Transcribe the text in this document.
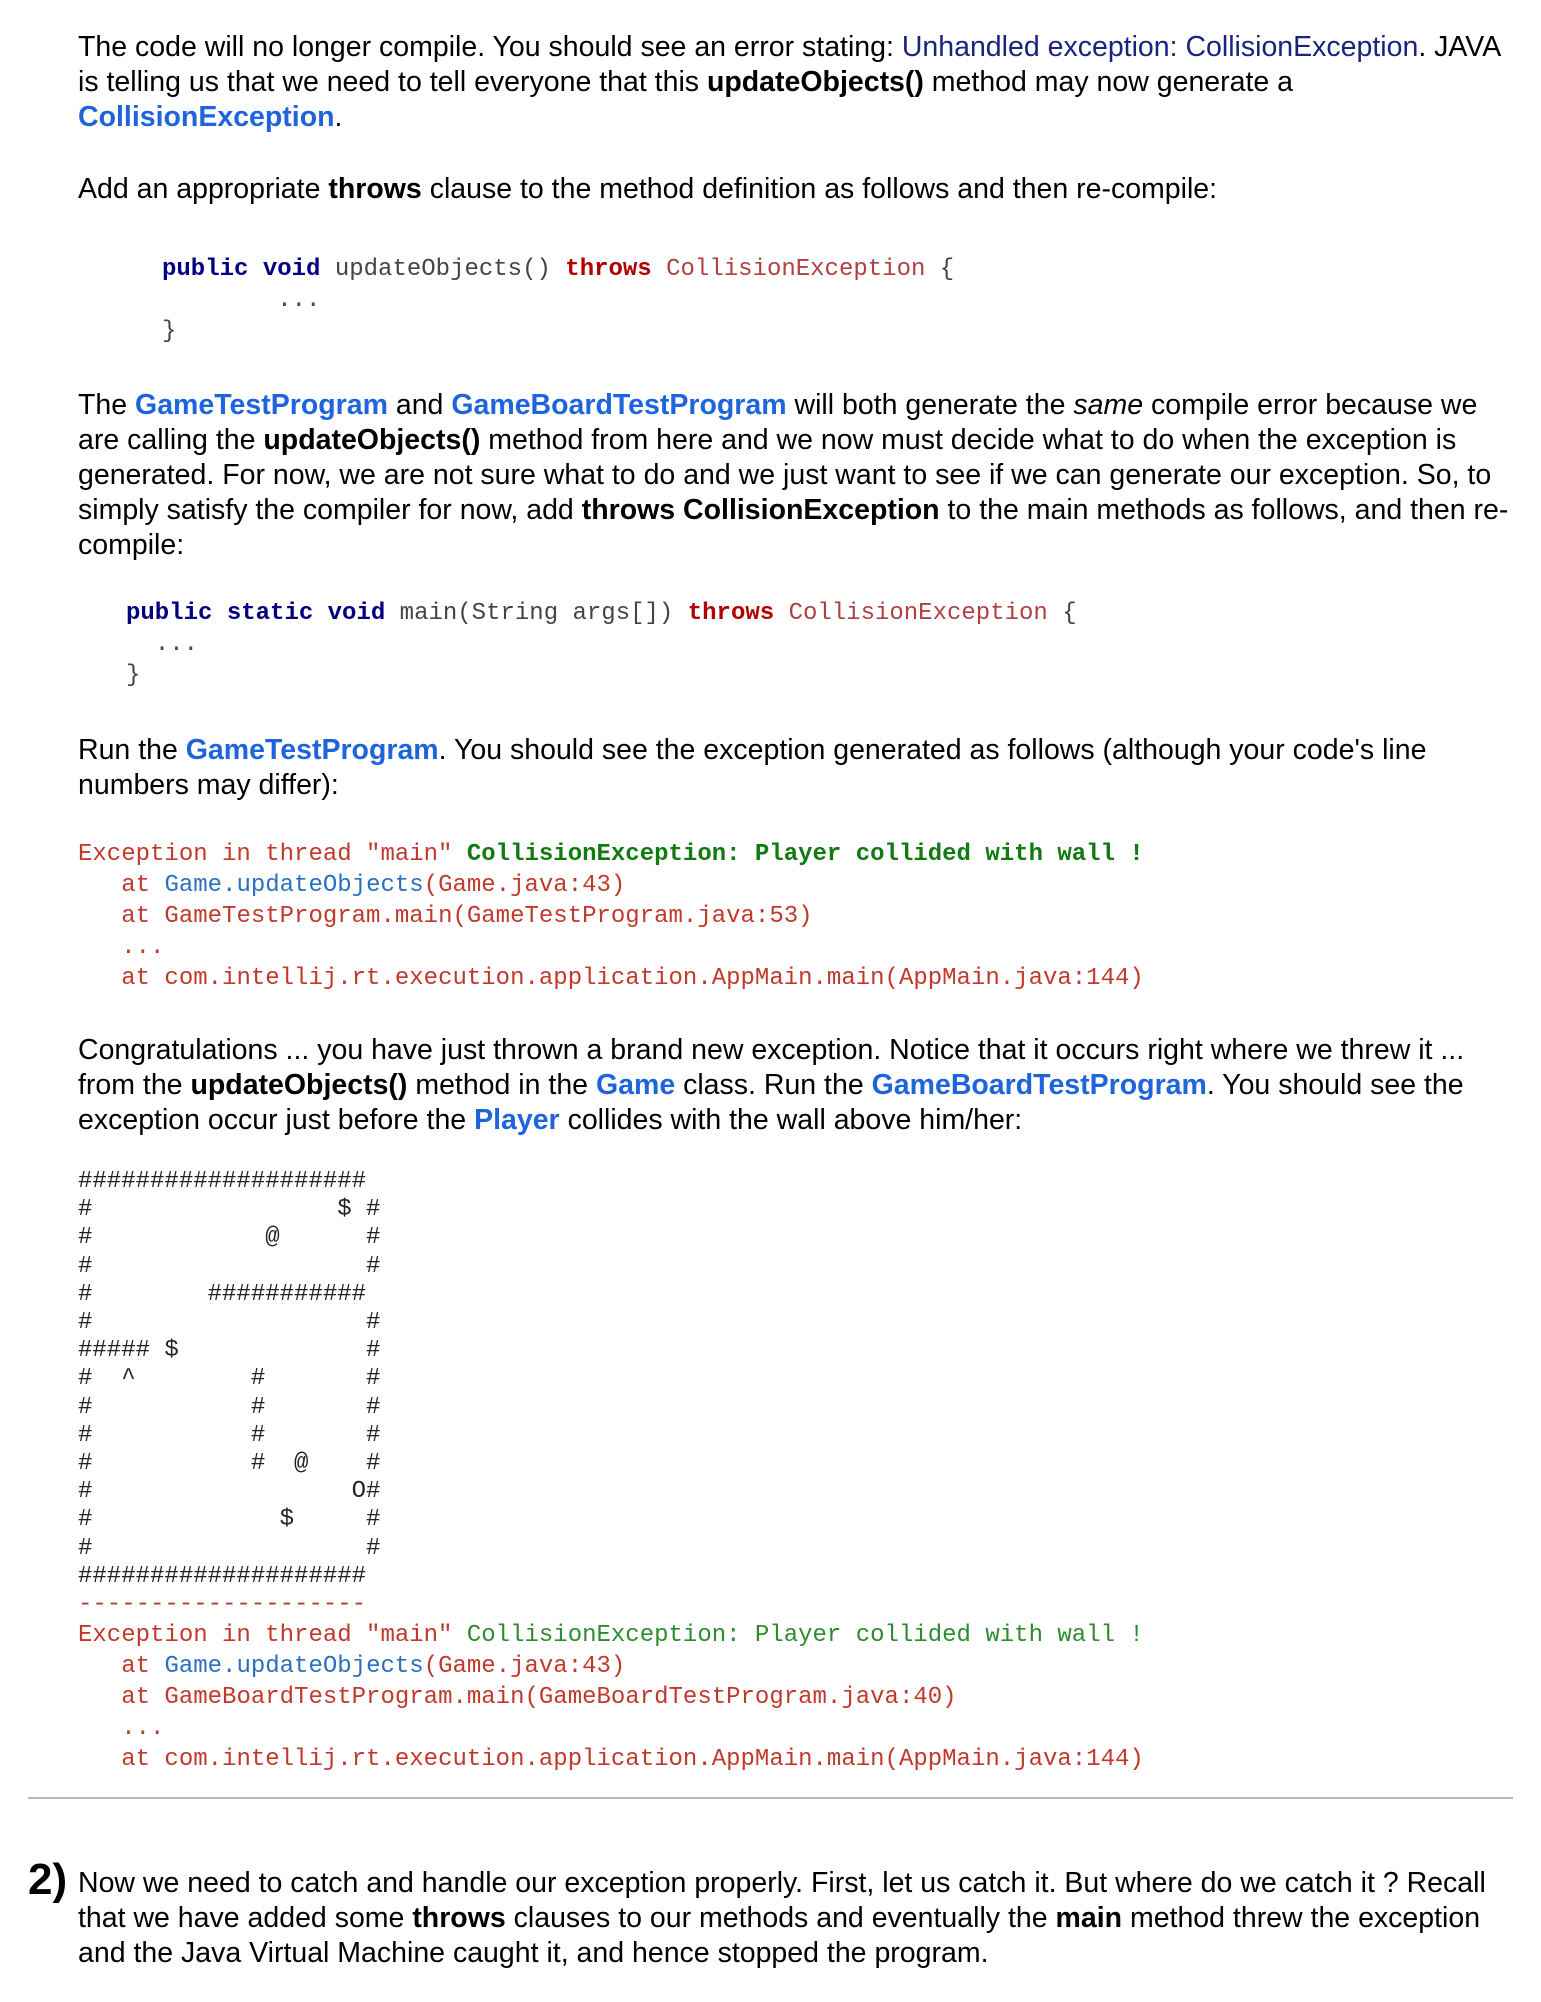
The code will no longer compile. You should see an error stating: Unhandled exception: CollisionException. JAVA is telling us that we need to tell everyone that this updateObjects() method may now generate a CollisionException.

Add an appropriate throws clause to the method definition as follows and then re-compile:

public void updateObjects() throws CollisionException {
...
}

The GameTestProgram and GameBoardTestProgram will both generate the same compile error because we are calling the updateObjects() method from here and we now must decide what to do when the exception is generated. For now, we are not sure what to do and we just want to see if we can generate our exception. So, to simply satisfy the compiler for now, add throws CollisionException to the main methods as follows, and then re-compile:

public static void main(String args[]) throws CollisionException {
...
}

Run the GameTestProgram. You should see the exception generated as follows (although your code's line numbers may differ):

Exception in thread "main" CollisionException: Player collided with wall !
at Game.updateObjects(Game.java:43)
at GameTestProgram.main(GameTestProgram.java:53)
...
at com.intellij.rt.execution.application.AppMain.main(AppMain.java:144)

Congratulations ... you have just thrown a brand new exception. Notice that it occurs right where we threw it ... from the updateObjects() method in the Game class. Run the GameBoardTestProgram. You should see the exception occur just before the Player collides with the wall above him/her:

####################
#                 $ #
#            @      #
#                   #
#        ###########
#                   #
##### $             #
#  ^        #       #
#           #       #
#           #       #
#           #  @    #
#                  O#
#             $     #
#                   #
####################
--------------------
Exception in thread "main" CollisionException: Player collided with wall !
at Game.updateObjects(Game.java:43)
at GameBoardTestProgram.main(GameBoardTestProgram.java:40)
...
at com.intellij.rt.execution.application.AppMain.main(AppMain.java:144)
2) Now we need to catch and handle our exception properly. First, let us catch it. But where do we catch it ? Recall that we have added some throws clauses to our methods and eventually the main method threw the exception and the Java Virtual Machine caught it, and hence stopped the program.
